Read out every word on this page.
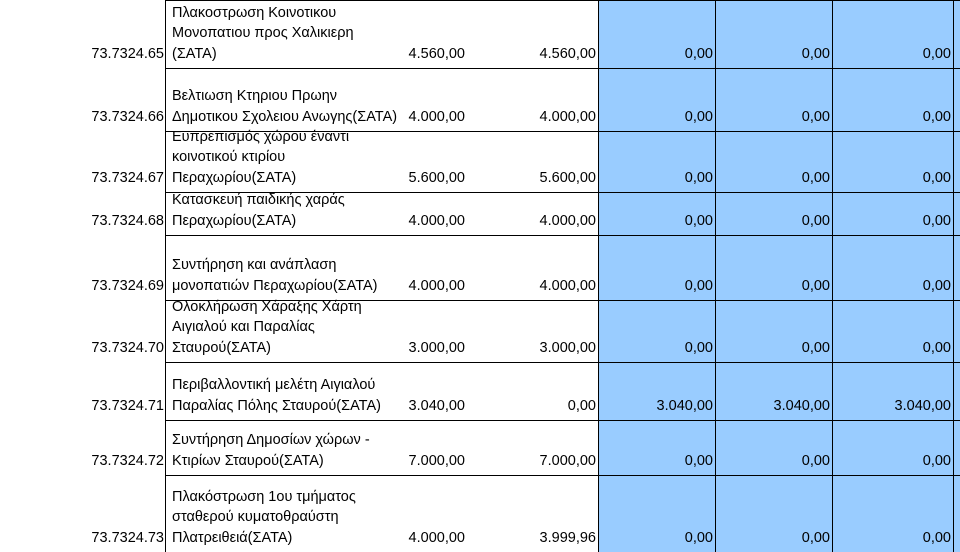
73.7324.65
Πλακοστρωση Κοινοτικου Μονοπατιου προς Χαλικιερη (ΣΑΤΑ)	4.560,00	4.560,00	0,00	0,00	0,00
73.7324.66
Βελτιωση Κτηριου Πρωην Δημοτικου Σχολειου Ανωγης(ΣΑΤΑ) 4.000,00	4.000,00	0,00	0,00	0,00
73.7324.67
Ευπρεπισμός χώρου έναντι κοινοτικού κτιρίου Περαχωρίου(ΣΑΤΑ)	5.600,00	5.600,00	0,00	0,00	0,00
73.7324.68
Κατασκευή παιδικής χαράς Περαχωρίου(ΣΑΤΑ)	4.000,00	4.000,00	0,00	0,00	0,00
73.7324.69
Συντήρηση και ανάπλαση μονοπατιών Περαχωρίου(ΣΑΤΑ)	4.000,00	4.000,00	0,00	0,00	0,00
73.7324.70
Ολοκλήρωση Χάραξης Χάρτη Αιγιαλού και Παραλίας Σταυρού(ΣΑΤΑ)	3.000,00	3.000,00	0,00	0,00	0,00
73.7324.71
Περιβαλλοντική μελέτη Αιγιαλού Παραλίας Πόλης Σταυρού(ΣΑΤΑ)	3.040,00	0,00	3.040,00	3.040,00	3.040,00
73.7324.72
Συντήρηση Δημοσίων χώρων - Κτιρίων Σταυρού(ΣΑΤΑ)	7.000,00	7.000,00	0,00	0,00	0,00
73.7324.73
Πλακόστρωση 1ου τμήματος σταθερού κυματοθραύστη Πλατρειθειά(ΣΑΤΑ)	4.000,00	3.999,96	0,00	0,00	0,00
